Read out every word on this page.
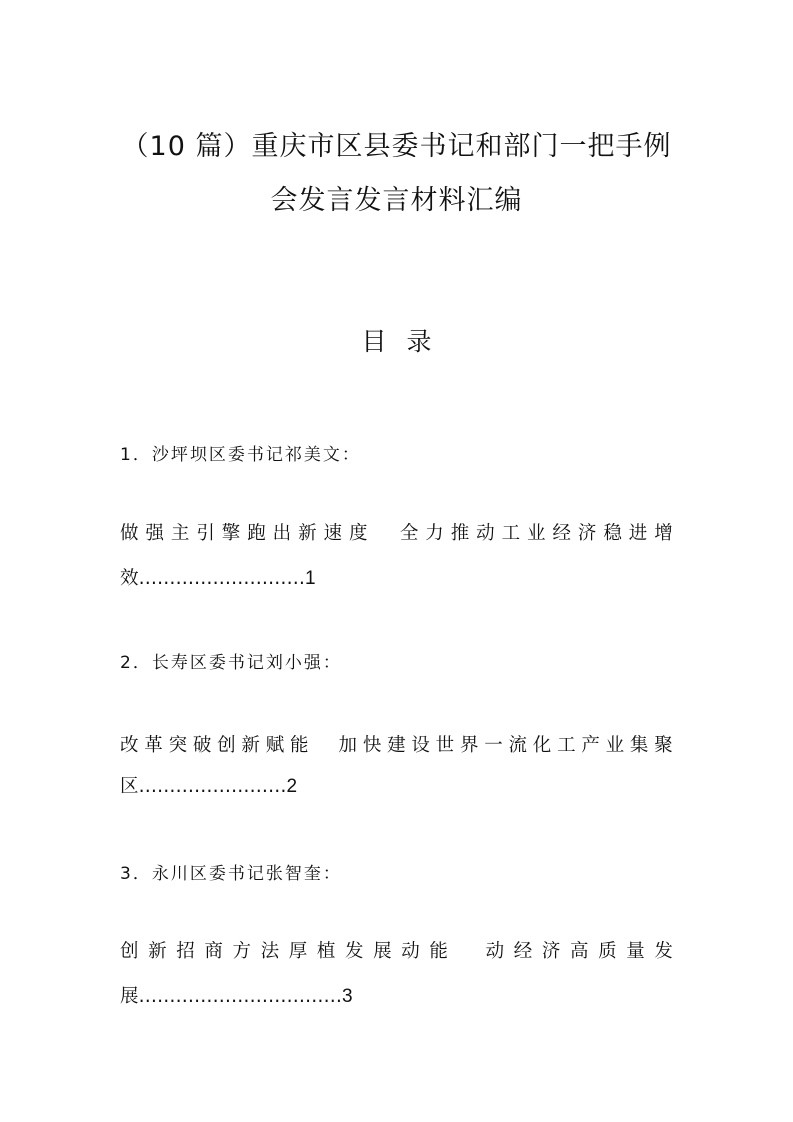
（10 篇）重庆市区县委书记和部门一把手例
会发言发言材料汇编
目 录
1．沙坪坝区委书记祁美文：
做 强 主 引 擎 跑 出 新 速 度
　 全 力 推 动 工 业 经 济 稳 进 增
效………………………1
2．长寿区委书记刘小强：
改 革 突 破 创 新 赋 能
　 加 快 建 设 世 界 一 流 化 工 产 业 集 聚
区……………………2
3．永川区委书记张智奎：
创 新 招 商 方 法 厚 植 发 展 动 能
　 动 经 济 高 质 量 发
展……………………………3
